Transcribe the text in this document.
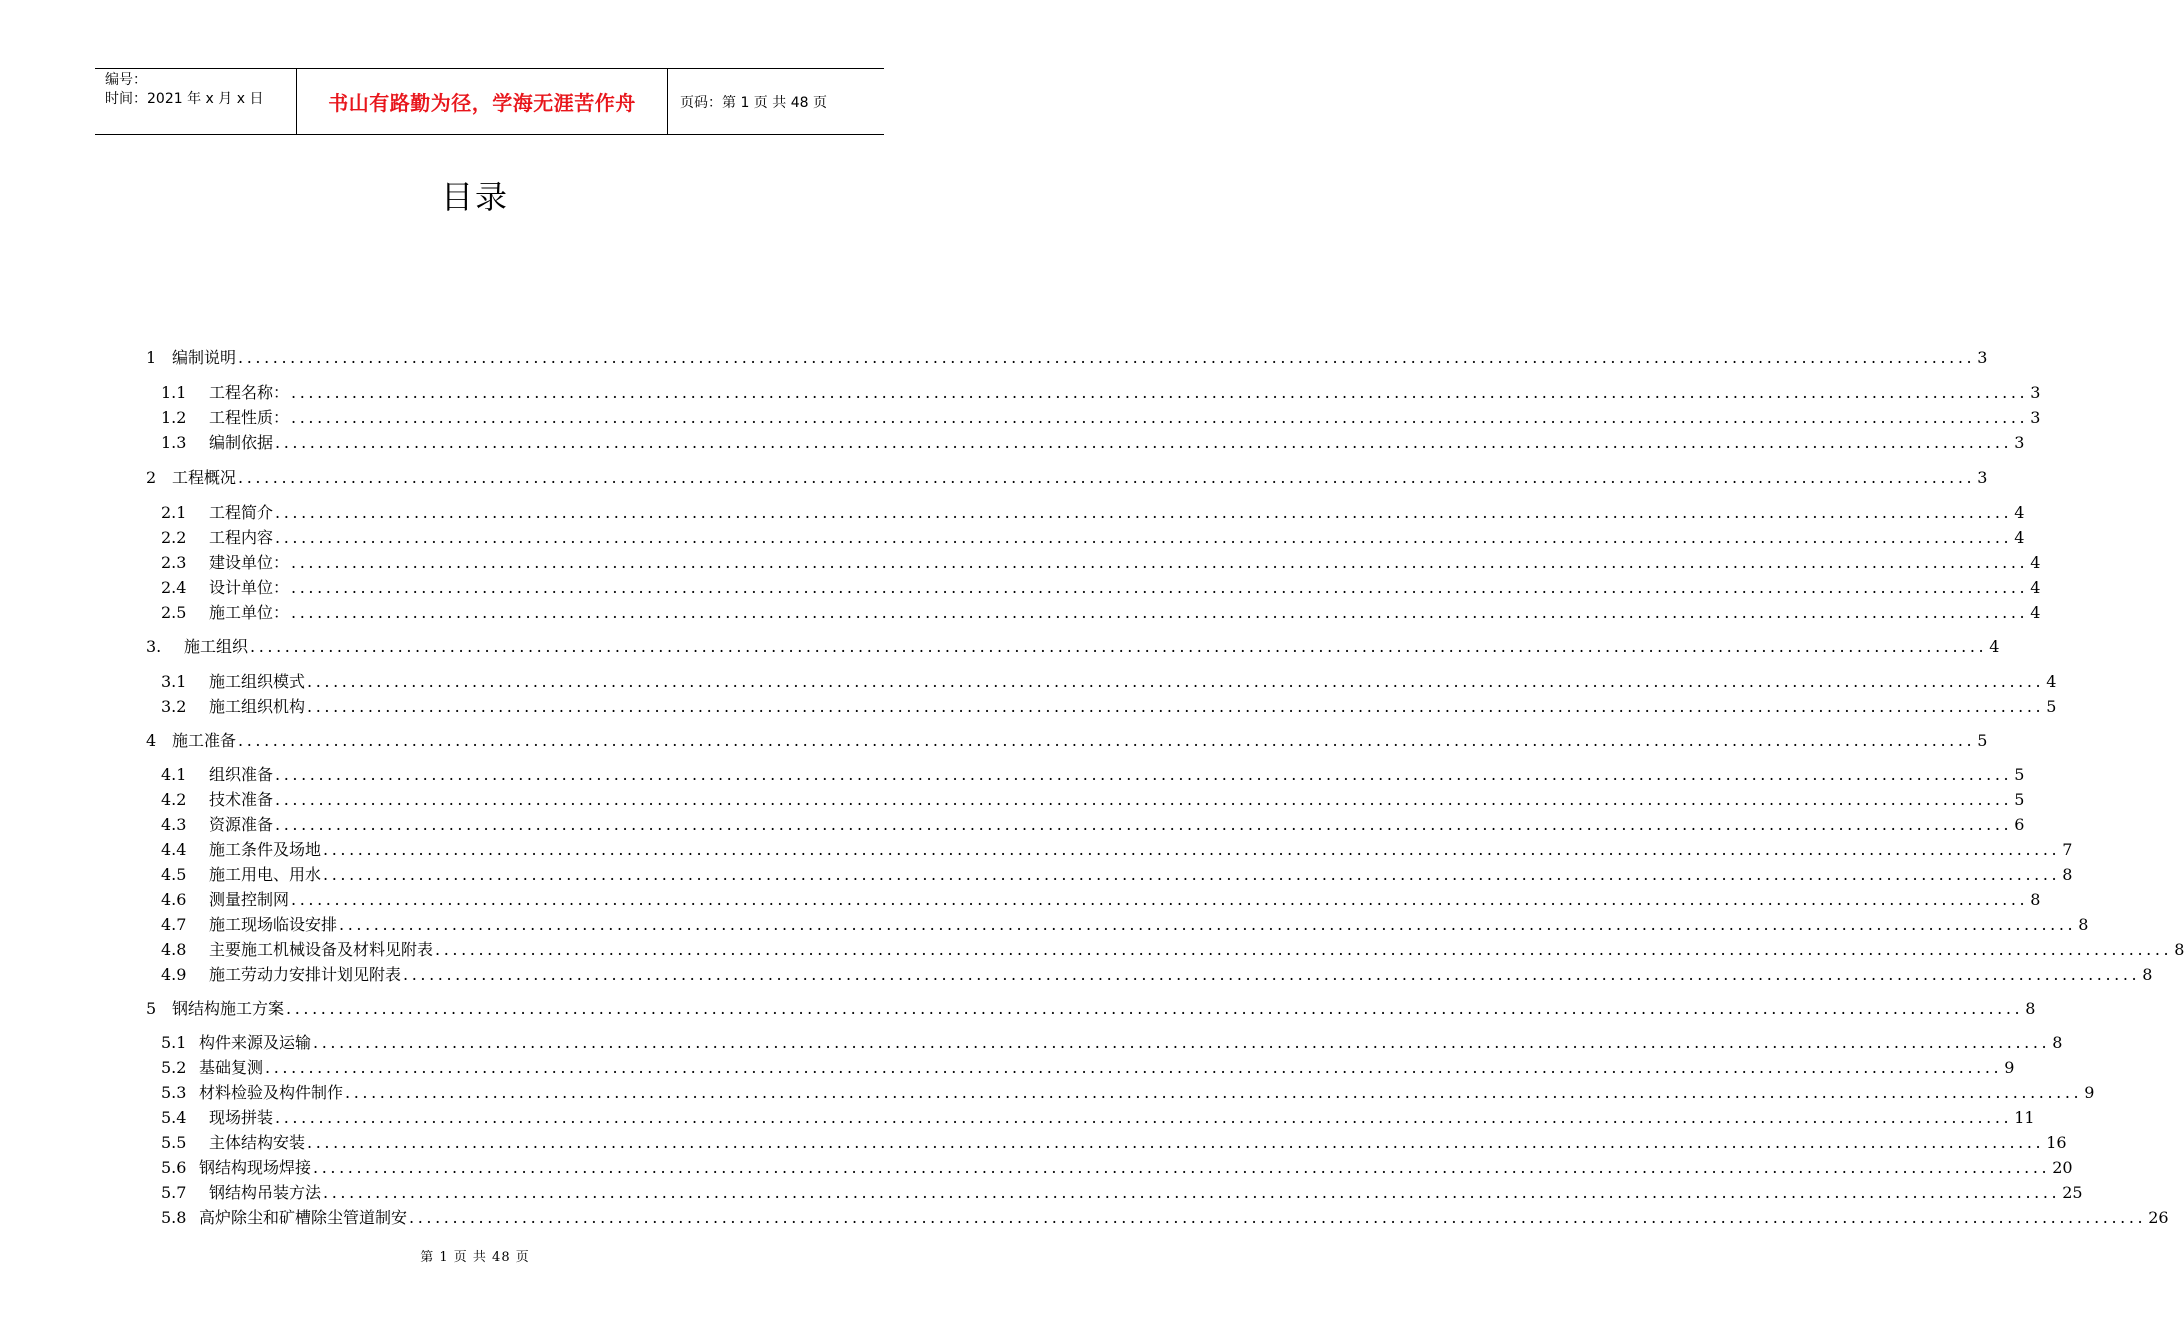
编号：
时间：2021 年 x 月 x 日	书山有路勤为径，学海无涯苦作舟	页码：第 1 页 共 48 页
目录
1 编制说明 ........................................................................................................................................................................................................ 3
1.1	工程名称： ........................................................................................................................................................................................................ 3
1.2	工程性质： ........................................................................................................................................................................................................ 3
1.3	编制依据 ........................................................................................................................................................................................................ 3
2 工程概况 ........................................................................................................................................................................................................ 3
2.1	工程简介 ........................................................................................................................................................................................................ 4
2.2	工程内容 ........................................................................................................................................................................................................ 4
2.3	建设单位： ........................................................................................................................................................................................................ 4
2.4	设计单位： ........................................................................................................................................................................................................ 4
2.5	施工单位： ........................................................................................................................................................................................................ 4
3.	施工组织 ........................................................................................................................................................................................................ 4
3.1	施工组织模式 ........................................................................................................................................................................................................ 4
3.2	施工组织机构 ........................................................................................................................................................................................................ 5
4 施工准备 ........................................................................................................................................................................................................ 5
4.1	组织准备 ........................................................................................................................................................................................................ 5
4.2	技术准备 ........................................................................................................................................................................................................ 5
4.3	资源准备 ........................................................................................................................................................................................................ 6
4.4	施工条件及场地 ........................................................................................................................................................................................................ 7
4.5	施工用电、用水 ........................................................................................................................................................................................................ 8
4.6	测量控制网 ........................................................................................................................................................................................................ 8
4.7	施工现场临设安排 ........................................................................................................................................................................................................ 8
4.8	主要施工机械设备及材料见附表 ........................................................................................................................................................................................................ 8
4.9	施工劳动力安排计划见附表 ........................................................................................................................................................................................................ 8
5 钢结构施工方案 ........................................................................................................................................................................................................ 8
5.1 构件来源及运输 ........................................................................................................................................................................................................ 8
5.2 基础复测 ........................................................................................................................................................................................................ 9
5.3 材料检验及构件制作 ........................................................................................................................................................................................................ 9
5.4	现场拼装 ........................................................................................................................................................................................................ 11
5.5	主体结构安装 ........................................................................................................................................................................................................ 16
5.6 钢结构现场焊接 ........................................................................................................................................................................................................ 20
5.7	钢结构吊装方法 ........................................................................................................................................................................................................ 25
5.8 高炉除尘和矿槽除尘管道制安 ........................................................................................................................................................................................................ 26
第 1 页 共 48 页
